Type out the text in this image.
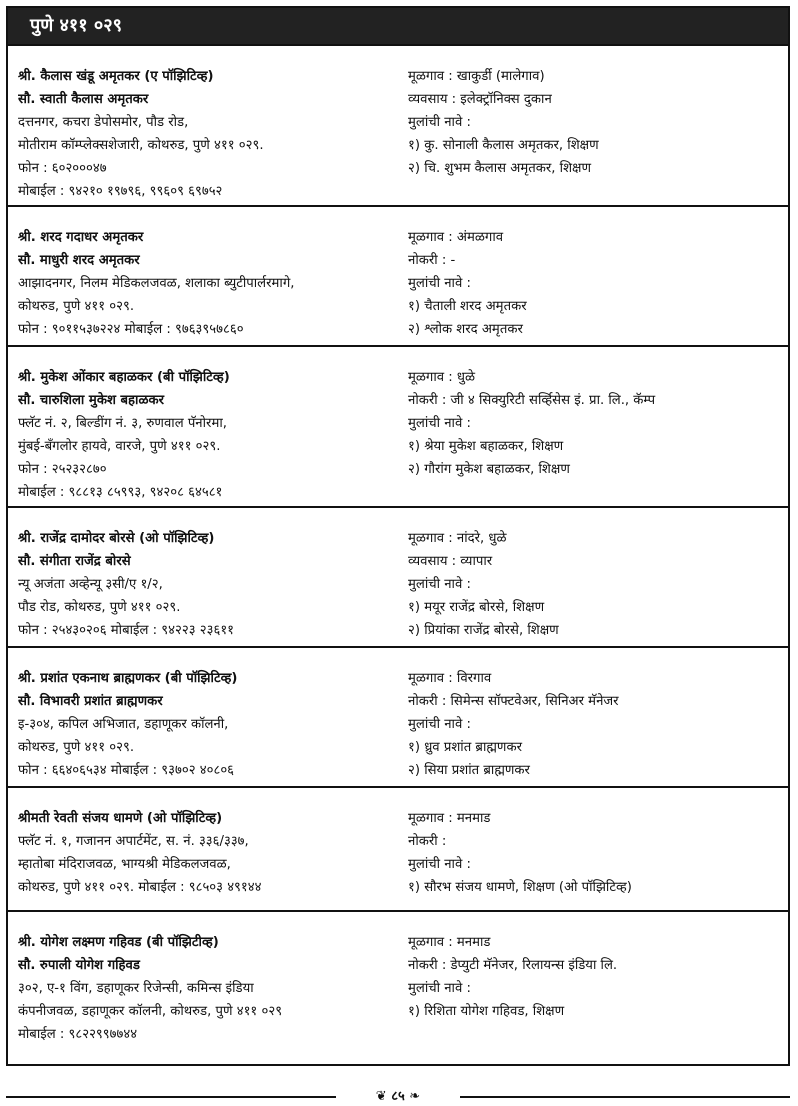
पुणे ४११ ०२९
श्री. कैलास खंडू अमृतकर (ए पॉझिटिव्ह)
सौ. स्वाती कैलास अमृतकर
दत्तनगर, कचरा डेपोसमोर, पौड रोड,
मोतीराम कॉम्प्लेक्सशेजारी, कोथरुड, पुणे ४११ ०२९.
फोन : ६०२०००४७
मोबाईल : ९४२१० १९७९६, ९९६०९ ६९७५२
मूळगाव : खाकुर्डी (मालेगाव)
व्यवसाय : इलेक्ट्रॉनिक्स दुकान
मुलांची नावे :
१) कु. सोनाली कैलास अमृतकर, शिक्षण
२) चि. शुभम कैलास अमृतकर, शिक्षण
श्री. शरद गदाधर अमृतकर
सौ. माधुरी शरद अमृतकर
आझादनगर, निलम मेडिकलजवळ, शलाका ब्युटीपार्लरमागे,
कोथरुड, पुणे ४११ ०२९.
फोन : ९०११५३७२२४ मोबाईल : ९७६३९५७८६०
मूळगाव : अंमळगाव
नोकरी : -
मुलांची नावे :
१) चैताली शरद अमृतकर
२) श्लोक शरद अमृतकर
श्री. मुकेश ओंकार बहाळकर (बी पॉझिटिव्ह)
सौ. चारुशिला मुकेश बहाळकर
फ्लॅट नं. २, बिल्डींग नं. ३, रुणवाल पॅनोरमा,
मुंबई-बँगलोर हायवे, वारजे, पुणे ४११ ०२९.
फोन : २५२३२८७०
मोबाईल : ९८८१३ ८५९९३, ९४२०८ ६४५८१
मूळगाव : धुळे
नोकरी : जी ४ सिक्युरिटी सर्व्हिसेस इं. प्रा. लि., कॅम्प
मुलांची नावे :
१) श्रेया मुकेश बहाळकर, शिक्षण
२) गौरांग मुकेश बहाळकर, शिक्षण
श्री. राजेंद्र दामोदर बोरसे (ओ पॉझिटिव्ह)
सौ. संगीता राजेंद्र बोरसे
न्यू अजंता अव्हेन्यू ३सी/ए १/२,
पौड रोड, कोथरुड, पुणे ४११ ०२९.
फोन : २५४३०२०६ मोबाईल : ९४२२३ २३६११
मूळगाव : नांदरे, धुळे
व्यवसाय : व्यापार
मुलांची नावे :
१) मयूर राजेंद्र बोरसे, शिक्षण
२) प्रियांका राजेंद्र बोरसे, शिक्षण
श्री. प्रशांत एकनाथ ब्राह्मणकर (बी पॉझिटिव्ह)
सौ. विभावरी प्रशांत ब्राह्मणकर
इ-३०४, कपिल अभिजात, डहाणूकर कॉलनी,
कोथरुड, पुणे ४११ ०२९.
फोन : ६६४०६५३४ मोबाईल : ९३७०२ ४०८०६
मूळगाव : विरगाव
नोकरी : सिमेन्स सॉफ्टवेअर, सिनिअर मॅनेजर
मुलांची नावे :
१) ध्रुव प्रशांत ब्राह्मणकर
२) सिया प्रशांत ब्राह्मणकर
श्रीमती रेवती संजय धामणे (ओ पॉझिटिव्ह)
फ्लॅट नं. १, गजानन अपार्टमेंट, स. नं. ३३६/३३७,
म्हातोबा मंदिराजवळ, भाग्यश्री मेडिकलजवळ,
कोथरुड, पुणे ४११ ०२९. मोबाईल : ९८५०३ ४९१४४
मूळगाव : मनमाड
नोकरी :
मुलांची नावे :
१) सौरभ संजय धामणे, शिक्षण (ओ पॉझिटिव्ह)
श्री. योगेश लक्ष्मण गहिवड (बी पॉझिटीव्ह)
सौ. रुपाली योगेश गहिवड
३०२, ए-१ विंग, डहाणूकर रिजेन्सी, कमिन्स इंडिया
कंपनीजवळ, डहाणूकर कॉलनी, कोथरुड, पुणे ४११ ०२९
मोबाईल : ९८२२९९७७४४
मूळगाव : मनमाड
नोकरी : डेप्युटी मॅनेजर, रिलायन्स इंडिया लि.
मुलांची नावे :
१) रिशिता योगेश गहिवड, शिक्षण
❦ ८५ ❧
